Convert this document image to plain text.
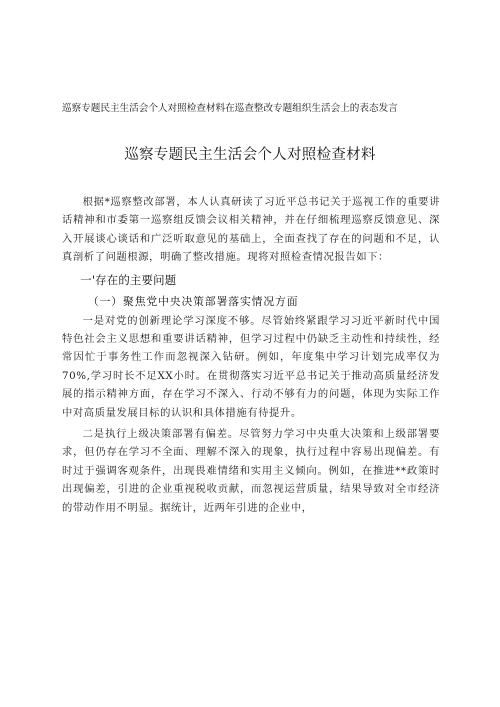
巡察专题民主生活会个人对照检查材料在巡查整改专题组织生活会上的表态发言
巡察专题民主生活会个人对照检查材料

根据*巡察整改部署，本人认真研读了习近平总书记关于巡视工作的重要讲话精神和市委第一巡察组反馈会议相关精神，并在仔细梳理巡察反馈意见、深入开展谈心谈话和广泛听取意见的基础上，全面查找了存在的问题和不足，认真剖析了问题根源，明确了整改措施。现将对照检查情况报告如下：

一'存在的主要问题

（一）聚焦党中央决策部署落实情况方面

一是对党的创新理论学习深度不够。尽管始终紧跟学习习近平新时代中国特色社会主义思想和重要讲话精神，但学习过程中仍缺乏主动性和持续性，经常因忙于事务性工作而忽视深入钻研。例如，年度集中学习计划完成率仅为70%,学习时长不足XX小时。在贯彻落实习近平总书记关于推动高质量经济发展的指示精神方面，存在学习不深入、行动不够有力的问题，体现为实际工作中对高质量发展目标的认识和具体措施有待提升。

二是执行上级决策部署有偏差。尽管努力学习中央重大决策和上级部署要求，但仍存在学习不全面、理解不深入的现象，执行过程中容易出现偏差。有时过于强调客观条件，出现畏难情绪和实用主义倾向。例如，在推进**政策时出现偏差，引进的企业重视税收贡献，而忽视运营质量，结果导致对全市经济的带动作用不明显。据统计，近两年引进的企业中，
